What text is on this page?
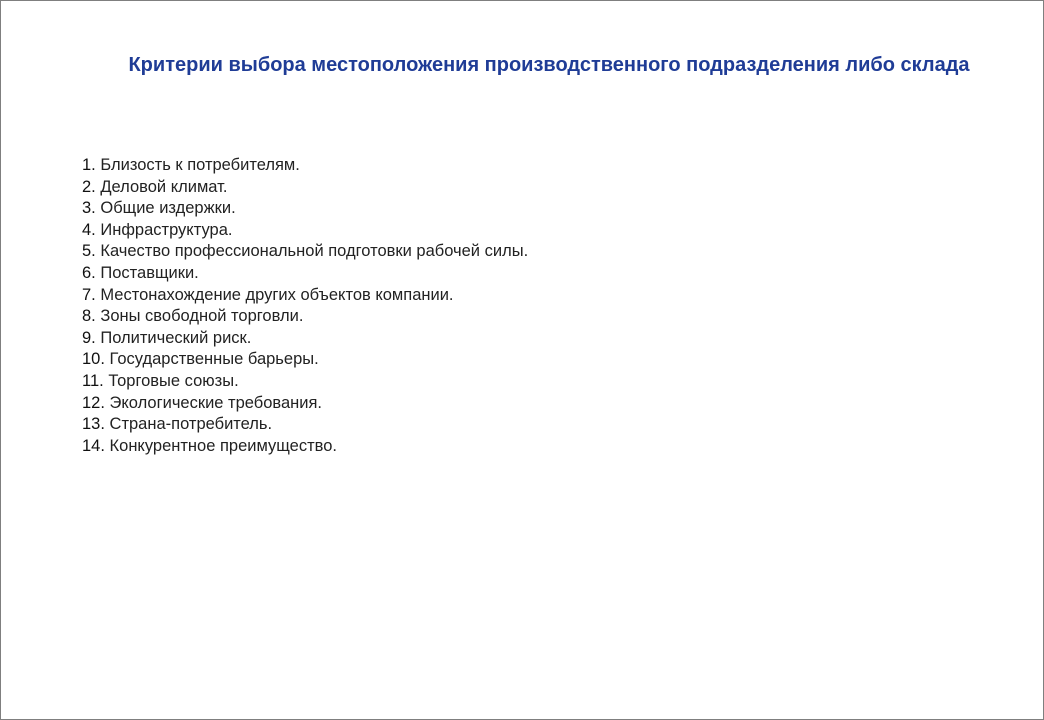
Критерии выбора местоположения производственного подразделения либо склада
1. Близость к потребителям.
2. Деловой климат.
3. Общие издержки.
4. Инфраструктура.
5. Качество профессиональной подготовки рабочей силы.
6. Поставщики.
7. Местонахождение других объектов компании.
8. Зоны свободной торговли.
9. Политический риск.
10. Государственные барьеры.
11. Торговые союзы.
12. Экологические требования.
13. Страна-потребитель.
14. Конкурентное преимущество.
